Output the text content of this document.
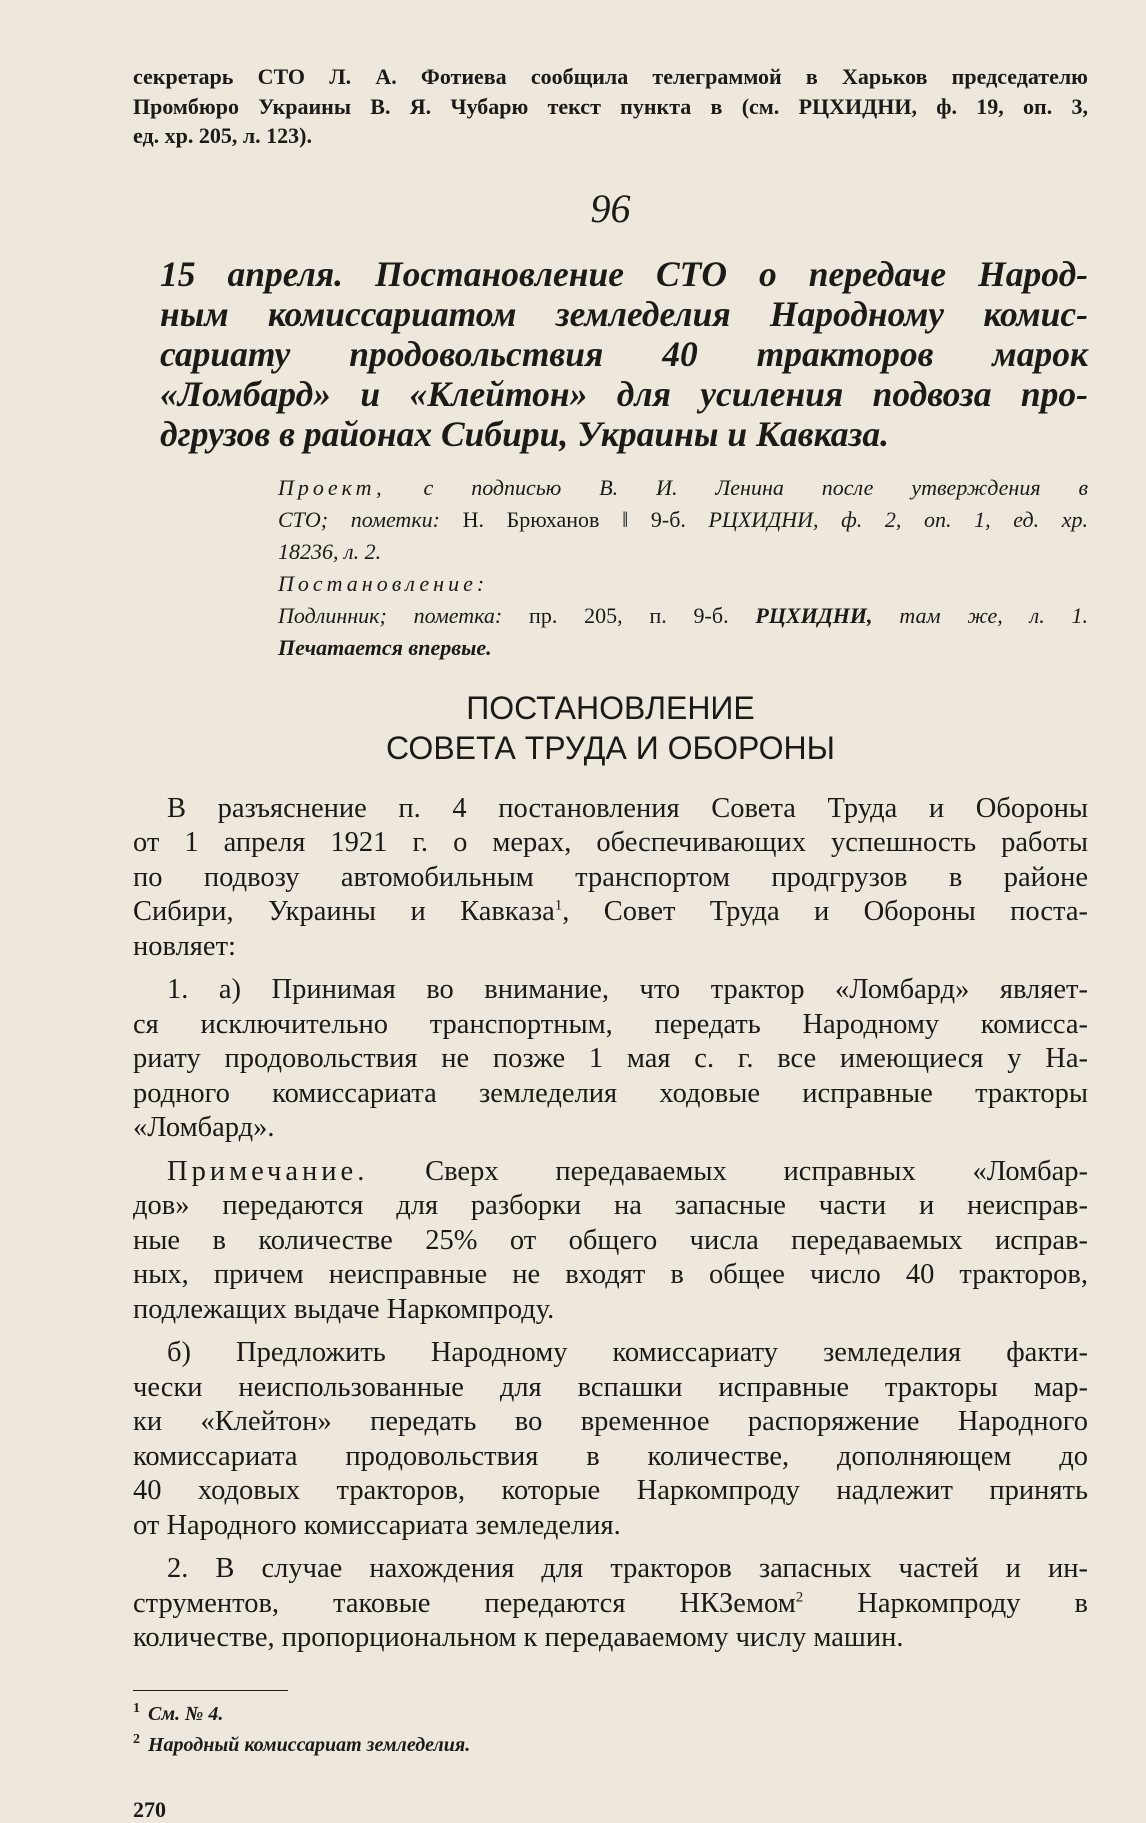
секретарь СТО Л. А. Фотиева сообщила телеграммой в Харьков председателю
Промбюро Украины В. Я. Чубарю текст пункта в (см. РЦХИДНИ, ф. 19, оп. 3,
ед. хр. 205, л. 123).

96

15 апреля. Постановление СТО о передаче Народ-
ным комиссариатом земледелия Народному комис-
сариату продовольствия 40 тракторов марок
«Ломбард» и «Клейтон» для усиления подвоза про-
дгрузов в районах Сибири, Украины и Кавказа.

Проект, с подписью В. И. Ленина после утверждения в
СТО; пометки: Н. Брюханов ‖ 9-б. РЦХИДНИ, ф. 2, оп. 1, ед. хр.
18236, л. 2.
Постановление:
Подлинник; пометка: пр. 205, п. 9-б. РЦХИДНИ, там же, л. 1.
Печатается впервые.
ПОСТАНОВЛЕНИЕ
СОВЕТА ТРУДА И ОБОРОНЫ

В разъяснение п. 4 постановления Совета Труда и Обороны
от 1 апреля 1921 г. о мерах, обеспечивающих успешность работы
по подвозу автомобильным транспортом продгрузов в районе
Сибири, Украины и Кавказа$^1$, Совет Труда и Обороны поста-
новляет:

1. а) Принимая во внимание, что трактор «Ломбард» являет-
ся исключительно транспортным, передать Народному комисса-
риату продовольствия не позже 1 мая с. г. все имеющиеся у На-
родного комиссариата земледелия ходовые исправные тракторы
«Ломбард».

Примечание. Сверх передаваемых исправных «Ломбар-
дов» передаются для разборки на запасные части и неисправ-
ные в количестве 25% от общего числа передаваемых исправ-
ных, причем неисправные не входят в общее число 40 тракторов,
подлежащих выдаче Наркомпроду.

б) Предложить Народному комиссариату земледелия факти-
чески неиспользованные для вспашки исправные тракторы мар-
ки «Клейтон» передать во временное распоряжение Народного
комиссариата продовольствия в количестве, дополняющем до
40 ходовых тракторов, которые Наркомпроду надлежит принять
от Народного комиссариата земледелия.

2. В случае нахождения для тракторов запасных частей и ин-
струментов, таковые передаются НКЗемом$^2$ Наркомпроду в
количестве, пропорциональном к передаваемому числу машин.

$^1$ См. № 4.

$^2$ Народный комиссариат земледелия.

270
